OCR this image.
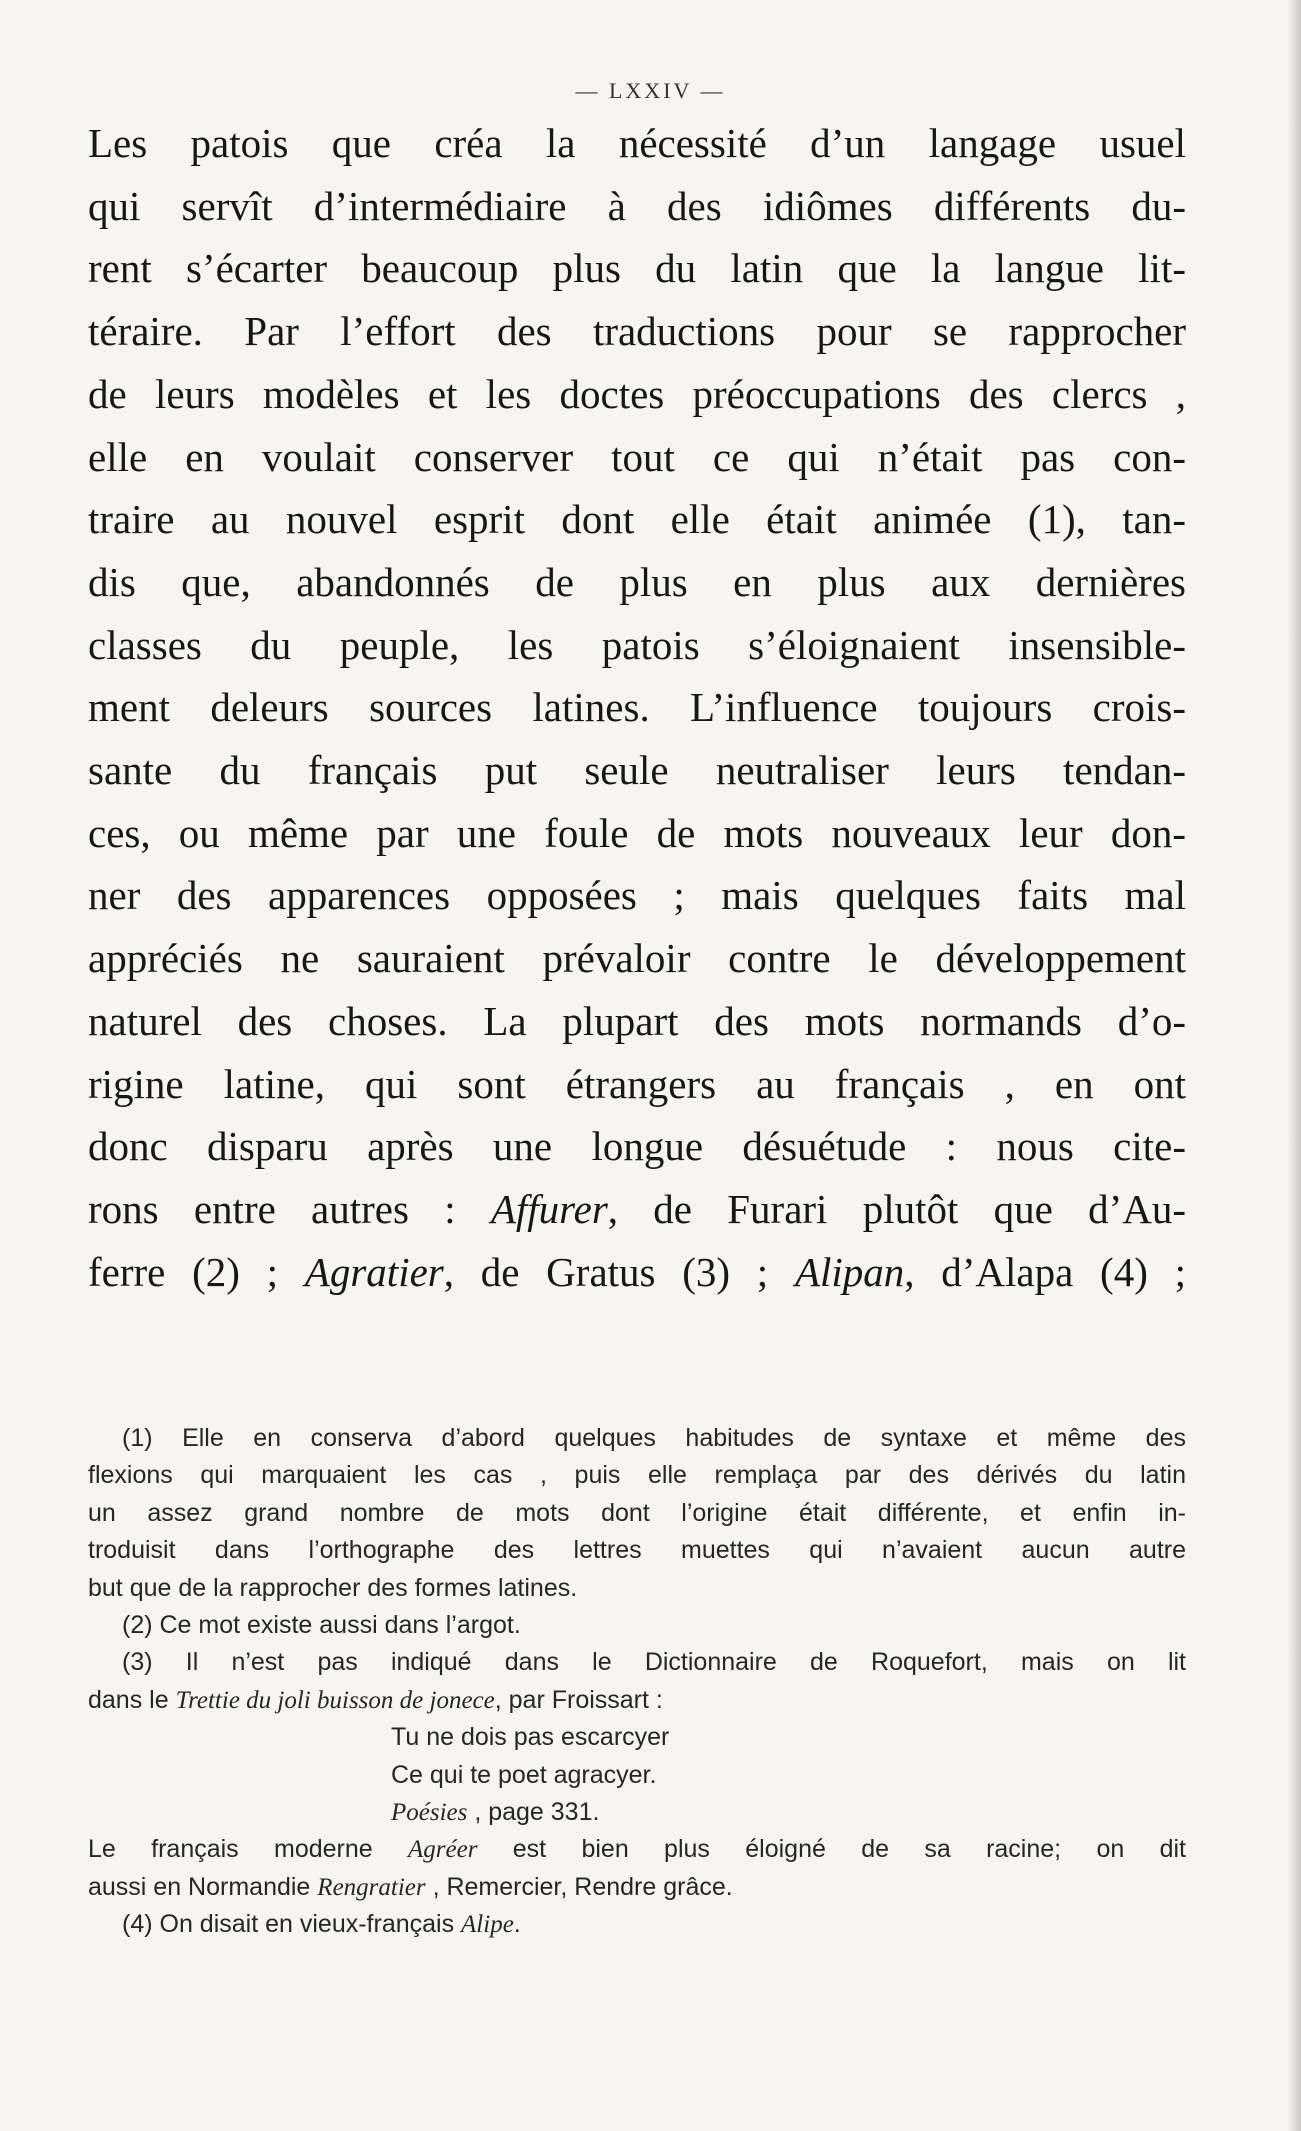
— LXXIV —
Les patois que créa la nécessité d’un langage usuel
qui servît d’intermédiaire à des idiômes différents du-
rent s’écarter beaucoup plus du latin que la langue lit-
téraire. Par l’effort des traductions pour se rapprocher
de leurs modèles et les doctes préoccupations des clercs ,
elle en voulait conserver tout ce qui n’était pas con-
traire au nouvel esprit dont elle était animée (1), tan-
dis que, abandonnés de plus en plus aux dernières
classes du peuple, les patois s’éloignaient insensible-
ment deleurs sources latines. L’influence toujours crois-
sante du français put seule neutraliser leurs tendan-
ces, ou même par une foule de mots nouveaux leur don-
ner des apparences opposées ; mais quelques faits mal
appréciés ne sauraient prévaloir contre le développement
naturel des choses. La plupart des mots normands d’o-
rigine latine, qui sont étrangers au français , en ont
donc disparu après une longue désuétude : nous cite-
rons entre autres : Affurer, de Furari plutôt que d’Au-
ferre (2) ; Agratier, de Gratus (3) ; Alipan, d’Alapa (4) ;
(1) Elle en conserva d’abord quelques habitudes de syntaxe et même des
flexions qui marquaient les cas , puis elle remplaça par des dérivés du latin
un assez grand nombre de mots dont l’origine était différente, et enfin in-
troduisit dans l’orthographe des lettres muettes qui n’avaient aucun autre
but que de la rapprocher des formes latines.
(2) Ce mot existe aussi dans l’argot.
(3) Il n’est pas indiqué dans le Dictionnaire de Roquefort, mais on lit
dans le Trettie du joli buisson de jonece, par Froissart :
Tu ne dois pas escarcyer
Ce qui te poet agracyer.
Poésies , page 331.
Le français moderne Agréer est bien plus éloigné de sa racine; on dit
aussi en Normandie Rengratier , Remercier, Rendre grâce.
(4) On disait en vieux-français Alipe.
